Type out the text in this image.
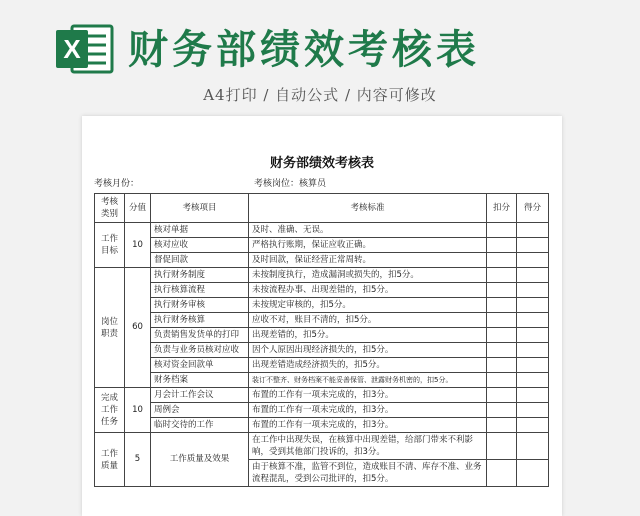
X 财务部绩效考核表
A4打印 / 自动公式 / 内容可修改
财务部绩效考核表
考核月份：	考核岗位：核算员
考核类别	分值	考核项目	考核标准	扣分	得分
工作目标	10	核对单据	及时、准确、无误。		
		核对应收	严格执行账期，保证应收正确。		
		督促回款	及时回款，保证经营正常周转。		
岗位职责	60	执行财务制度	未按制度执行，造成漏洞或损失的，扣5分。		
		执行核算流程	未按流程办事、出现差错的，扣5分。		
		执行财务审核	未按规定审核的，扣5分。		
		执行财务核算	应收不对，账目不清的，扣5分。		
		负责销售发货单的打印	出现差错的，扣5分。		
		负责与业务员核对应收	因个人原因出现经济损失的，扣5分。		
		核对资金回款单	出现差错造成经济损失的，扣5分。		
		财务档案	装订不整齐、财务档案不能妥善保管、泄露财务机密的，扣5分。		
完成工作任务	10	月会计工作会议	布置的工作有一项未完成的，扣3分。		
		周例会	布置的工作有一项未完成的，扣3分。		
		临时交待的工作	布置的工作有一项未完成的，扣3分。		
工作质量	5	工作质量及效果	在工作中出现失误，在核算中出现差错，给部门带来不利影响，受到其他部门投诉的，扣3分。		
			由于核算不准，监管不到位，造成账目不清、库存不准、业务流程混乱，受到公司批评的，扣5分。		
